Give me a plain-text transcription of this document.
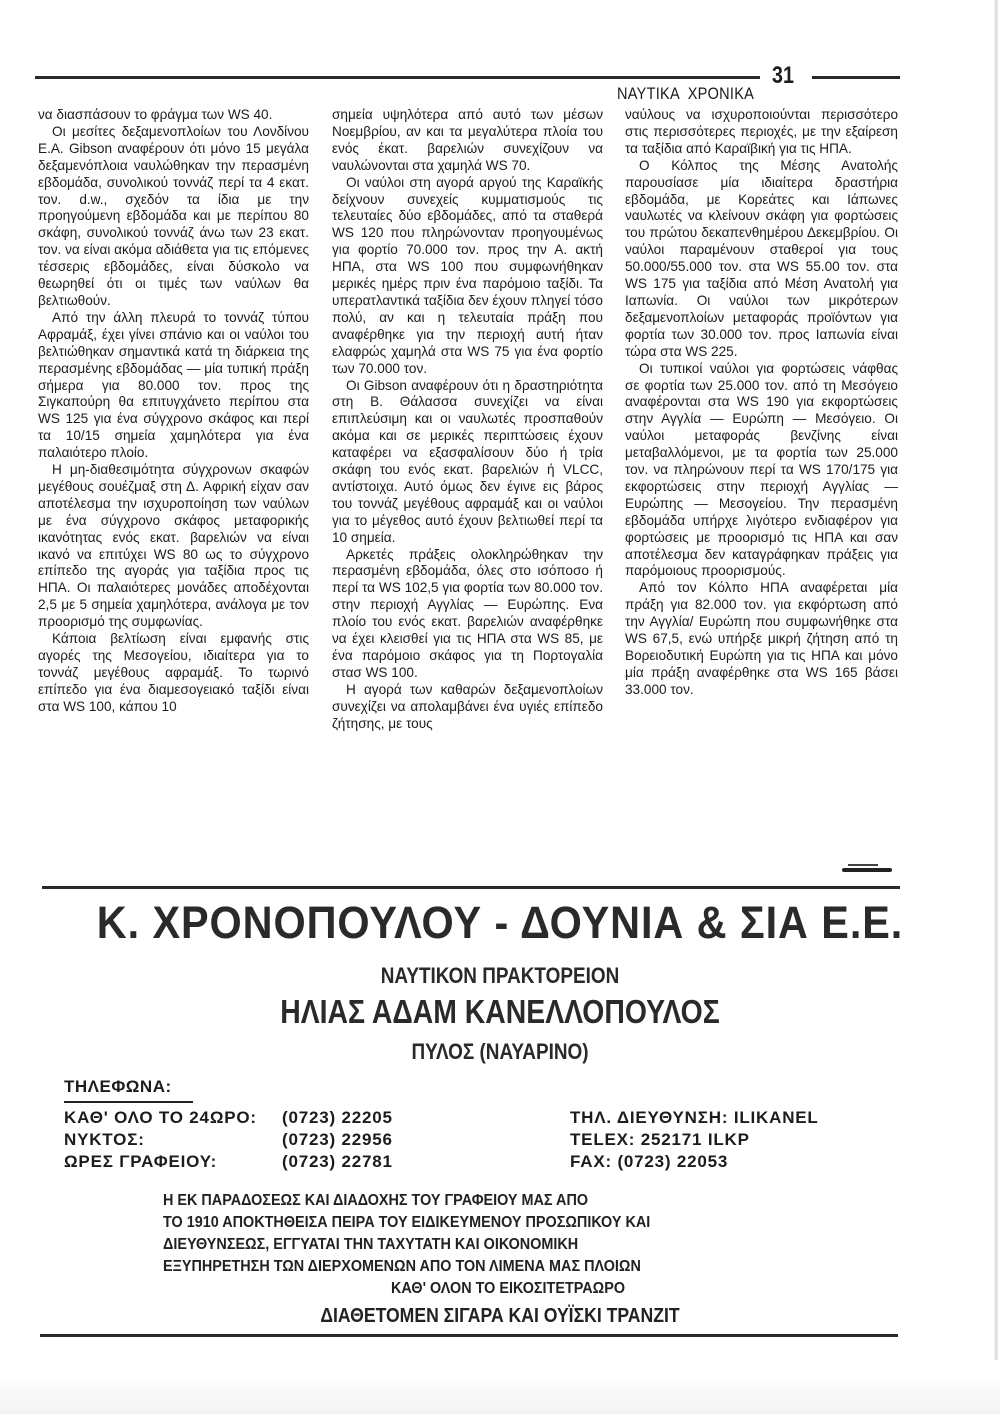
31
ΝΑΥΤΙΚΑ  ΧΡΟΝΙΚΑ

να διασπάσουν το φράγμα των WS 40.

Οι μεσίτες δεξαμενοπλοίων του Λονδίνου E.A. Gibson αναφέρουν ότι μόνο 15 μεγάλα δεξαμενόπλοια ναυλώθηκαν την περασμένη εβδομάδα, συνολικού τοννάζ περί τα 4 εκατ. τον. d.w., σχεδόν τα ίδια με την προηγούμενη εβδομάδα και με περίπου 80 σκάφη, συνολικού τοννάζ άνω των 23 εκατ. τον. να είναι ακόμα αδιάθετα για τις επόμενες τέσσερις εβδομάδες, είναι δύσκολο να θεωρηθεί ότι οι τιμές των ναύλων θα βελτιωθούν.

Από την άλλη πλευρά το τοννάζ τύπου Αφραμάξ, έχει γίνει σπάνιο και οι ναύλοι του βελτιώθηκαν σημαντικά κατά τη διάρκεια της περασμένης εβδομάδας — μία τυπική πράξη σήμερα για 80.000 τον. προς της Σιγκαπούρη θα επιτυγχάνετο περίπου στα WS 125 για ένα σύγχρονο σκάφος και περί τα 10/15 σημεία χαμηλότερα για ένα παλαιότερο πλοίο.

Η μη-διαθεσιμότητα σύγχρονων σκαφών μεγέθους σουέζμαξ στη Δ. Αφρική είχαν σαν αποτέλεσμα την ισχυροποίηση των ναύλων με ένα σύγχρονο σκάφος μεταφορικής ικανότητας ενός εκατ. βαρελιών να είναι ικανό να επιτύχει WS 80 ως το σύγχρονο επίπεδο της αγοράς για ταξίδια προς τις ΗΠΑ. Οι παλαιότερες μονάδες αποδέχονται 2,5 με 5 σημεία χαμηλότερα, ανάλογα με τον προορισμό της συμφωνίας.

Κάποια βελτίωση είναι εμφανής στις αγορές της Μεσογείου, ιδιαίτερα για το τοννάζ μεγέθους αφραμάξ. Το τωρινό επίπεδο για ένα διαμεσογειακό ταξίδι είναι στα WS 100, κάπου 10

σημεία υψηλότερα από αυτό των μέσων Νοεμβρίου, αν και τα μεγαλύτερα πλοία του ενός έκατ. βαρελιών συνεχίζουν να ναυλώνονται στα χαμηλά WS 70.

Οι ναύλοι στη αγορά αργού της Καραϊκής δείχνουν συνεχείς κυμματισμούς τις τελευταίες δύο εβδομάδες, από τα σταθερά WS 120 που πληρώνονταν προηγουμένως για φορτίο 70.000 τον. προς την Α. ακτή ΗΠΑ, στα WS 100 που συμφωνήθηκαν μερικές ημέρς πριν ένα παρόμοιο ταξίδι. Τα υπερατλαντικά ταξίδια δεν έχουν πληγεί τόσο πολύ, αν και η τελευταία πράξη που αναφέρθηκε για την περιοχή αυτή ήταν ελαφρώς χαμηλά στα WS 75 για ένα φορτίο των 70.000 τον.

Οι Gibson αναφέρουν ότι η δραστηριότητα στη Β. Θάλασσα συνεχίζει να είναι επιπλεύσιμη και οι ναυλωτές προσπαθούν ακόμα και σε μερικές περιπτώσεις έχουν καταφέρει να εξασφαλίσουν δύο ή τρία σκάφη του ενός εκατ. βαρελιών ή VLCC, αντίστοιχα. Αυτό όμως δεν έγινε εις βάρος του τοννάζ μεγέθους αφραμάξ και οι ναύλοι για το μέγεθος αυτό έχουν βελτιωθεί περί τα 10 σημεία.

Αρκετές πράξεις ολοκληρώθηκαν την περασμένη εβδομάδα, όλες στο ισόποσο ή περί τα WS 102,5 για φορτία των 80.000 τον. στην περιοχή Αγγλίας — Ευρώπης. Ενα πλοίο του ενός εκατ. βαρελιών αναφέρθηκε να έχει κλεισθεί για τις ΗΠΑ στα WS 85, με ένα παρόμοιο σκάφος για τη Πορτογαλία στασ WS 100.

Η αγορά των καθαρών δεξαμενοπλοίων συνεχίζει να απολαμβάνει ένα υγιές επίπεδο ζήτησης, με τους

ναύλους να ισχυροποιούνται περισσότερο στις περισσότερες περιοχές, με την εξαίρεση τα ταξίδια από Καραϊβική για τις ΗΠΑ.

Ο Κόλπος της Μέσης Ανατολής παρουσίασε μία ιδιαίτερα δραστήρια εβδομάδα, με Κορεάτες και Ιάπωνες ναυλωτές να κλείνουν σκάφη για φορτώσεις του πρώτου δεκαπενθημέρου Δεκεμβρίου. Οι ναύλοι παραμένουν σταθεροί για τους 50.000/55.000 τον. στα WS 55.00 τον. στα WS 175 για ταξίδια από Μέση Ανατολή για Ιαπωνία. Οι ναύλοι των μικρότερων δεξαμενοπλοίων μεταφοράς προϊόντων για φορτία των 30.000 τον. προς Ιαπωνία είναι τώρα στα WS 225.

Οι τυπικοί ναύλοι για φορτώσεις νάφθας σε φορτία των 25.000 τον. από τη Μεσόγειο αναφέρονται στα WS 190 για εκφορτώσεις στην Αγγλία — Ευρώπη — Μεσόγειο. Οι ναύλοι μεταφοράς βενζίνης είναι μεταβαλλόμενοι, με τα φορτία των 25.000 τον. να πληρώνουν περί τα WS 170/175 για εκφορτώσεις στην περιοχή Αγγλίας — Ευρώπης — Μεσογείου. Την περασμένη εβδομάδα υπήρχε λιγότερο ενδιαφέρον για φορτώσεις με προορισμό τις ΗΠΑ και σαν αποτέλεσμα δεν καταγράφηκαν πράξεις για παρόμοιους προορισμούς.

Από τον Κόλπο ΗΠΑ αναφέρεται μία πράξη για 82.000 τον. για εκφόρτωση από την Αγγλία/ Ευρώπη που συμφωνήθηκε στα WS 67,5, ενώ υπήρξε μικρή ζήτηση από τη Βορειοδυτική Ευρώπη για τις ΗΠΑ και μόνο μία πράξη αναφέρθηκε στα WS 165 βάσει 33.000 τον.

Κ. ΧΡΟΝΟΠΟΥΛΟΥ - ΔΟΥΝΙΑ & ΣΙΑ Ε.Ε.
ΝΑΥΤΙΚΟΝ ΠΡΑΚΤΟΡΕΙΟΝ
ΗΛΙΑΣ ΑΔΑΜ ΚΑΝΕΛΛΟΠΟΥΛΟΣ
ΠΥΛΟΣ (ΝΑΥΑΡΙΝΟ)
ΤΗΛΕΦΩΝΑ:
ΚΑΘ' ΟΛΟ ΤΟ 24ΩΡΟ: (0723) 22205
ΝΥΚΤΟΣ:	(0723) 22956
ΩΡΕΣ ΓΡΑΦΕΙΟΥ:	(0723) 22781
ΤΗΛ. ΔΙΕΥΘΥΝΣΗ: ILIKANEL
TELEX: 252171 ILKP
FAX: (0723) 22053
Η ΕΚ ΠΑΡΑΔΟΣΕΩΣ ΚΑΙ ΔΙΑΔΟΧΗΣ ΤΟΥ ΓΡΑΦΕΙΟΥ ΜΑΣ ΑΠΟ
ΤΟ 1910 ΑΠΟΚΤΗΘΕΙΣΑ ΠΕΙΡΑ ΤΟΥ ΕΙΔΙΚΕΥΜΕΝΟΥ ΠΡΟΣΩΠΙΚΟΥ ΚΑΙ
ΔΙΕΥΘΥΝΣΕΩΣ, ΕΓΓΥΑΤΑΙ ΤΗΝ ΤΑΧΥΤΑΤΗ ΚΑΙ ΟΙΚΟΝΟΜΙΚΗ
ΕΞΥΠΗΡΕΤΗΣΗ ΤΩΝ ΔΙΕΡΧΟΜΕΝΩΝ ΑΠΟ ΤΟΝ ΛΙΜΕΝΑ ΜΑΣ ΠΛΟΙΩΝ
ΚΑΘ' ΟΛΟΝ ΤΟ ΕΙΚΟΣΙΤΕΤΡΑΩΡΟ
ΔΙΑΘΕΤΟΜΕΝ ΣΙΓΑΡΑ ΚΑΙ ΟΥΪΣΚΙ ΤΡΑΝΖΙΤ
